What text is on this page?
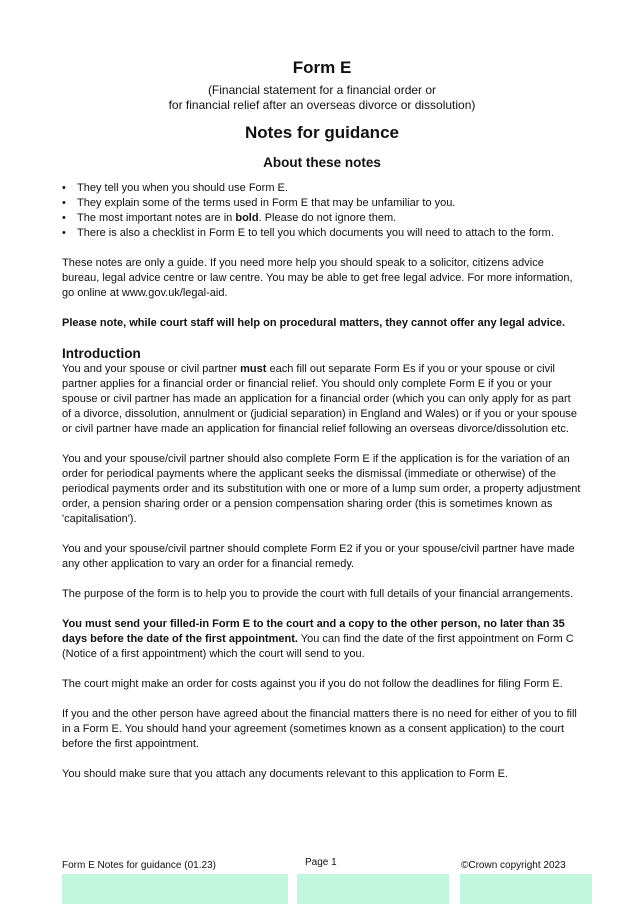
Form E

(Financial statement for a financial order or

for financial relief after an overseas divorce or dissolution)

Notes for guidance
About these notes
• They tell you when you should use Form E.
• They explain some of the terms used in Form E that may be unfamiliar to you.
• The most important notes are in bold. Please do not ignore them.
• There is also a checklist in Form E to tell you which documents you will need to attach to the form.

These notes are only a guide. If you need more help you should speak to a solicitor, citizens advice bureau, legal advice centre or law centre. You may be able to get free legal advice. For more information, go online at www.gov.uk/legal-aid.

Please note, while court staff will help on procedural matters, they cannot offer any legal advice.

Introduction

You and your spouse or civil partner must each fill out separate Form Es if you or your spouse or civil partner applies for a financial order or financial relief. You should only complete Form E if you or your spouse or civil partner has made an application for a financial order (which you can only apply for as part of a divorce, dissolution, annulment or (judicial separation) in England and Wales) or if you or your spouse or civil partner have made an application for financial relief following an overseas divorce/dissolution etc.

You and your spouse/civil partner should also complete Form E if the application is for the variation of an order for periodical payments where the applicant seeks the dismissal (immediate or otherwise) of the periodical payments order and its substitution with one or more of a lump sum order, a property adjustment order, a pension sharing order or a pension compensation sharing order (this is sometimes known as 'capitalisation').

You and your spouse/civil partner should complete Form E2 if you or your spouse/civil partner have made any other application to vary an order for a financial remedy.

The purpose of the form is to help you to provide the court with full details of your financial arrangements.

You must send your filled-in Form E to the court and a copy to the other person, no later than 35 days before the date of the first appointment. You can find the date of the first appointment on Form C (Notice of a first appointment) which the court will send to you.

The court might make an order for costs against you if you do not follow the deadlines for filing Form E.

If you and the other person have agreed about the financial matters there is no need for either of you to fill in a Form E. You should hand your agreement (sometimes known as a consent application) to the court before the first appointment.

You should make sure that you attach any documents relevant to this application to Form E.

Form E Notes for guidance (01.23)	Page 1	©Crown copyright 2023
